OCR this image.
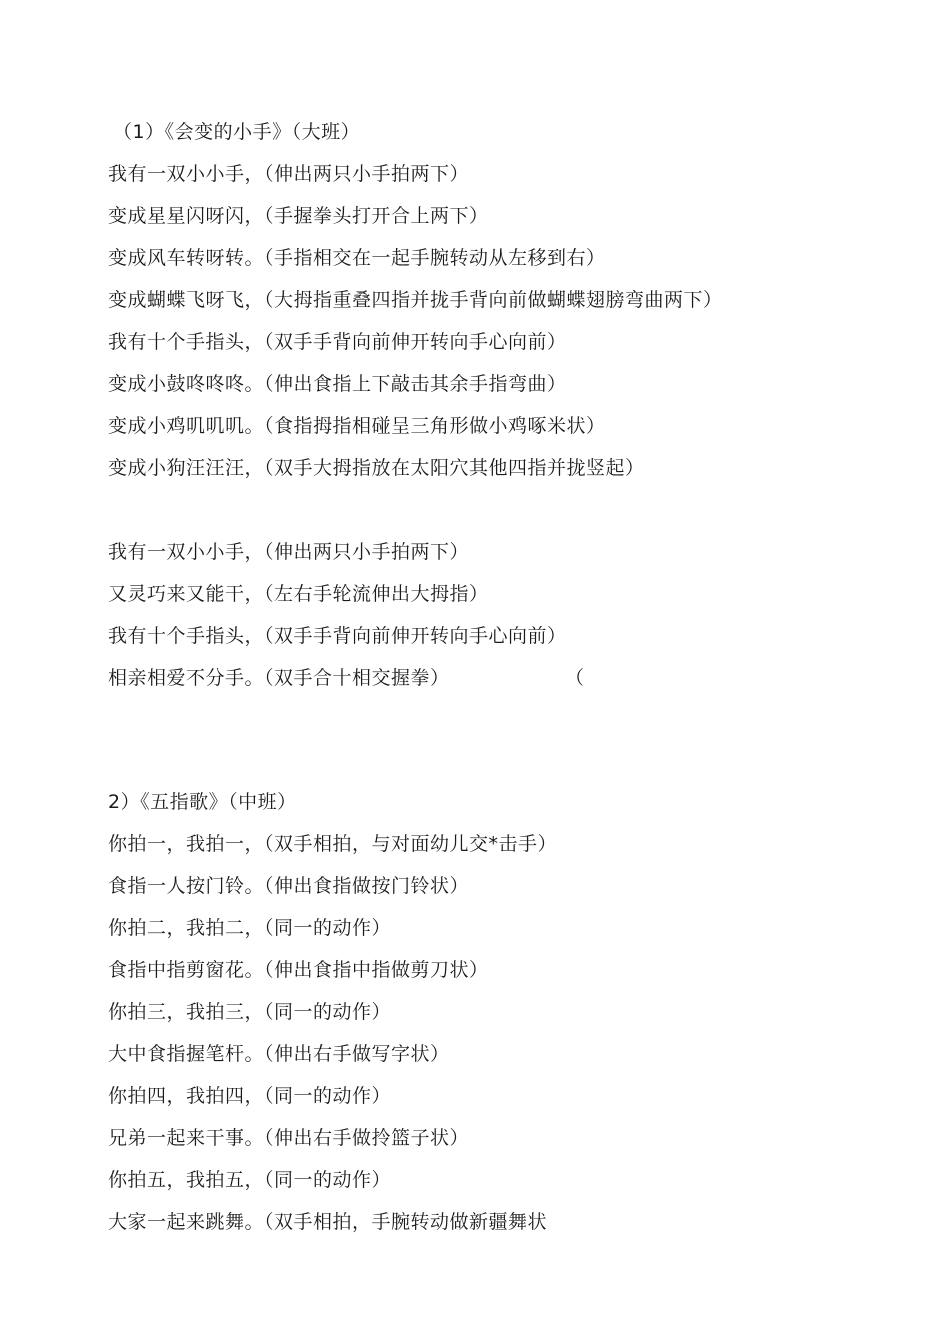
（1）《会变的小手》（大班）
我有一双小小手，（伸出两只小手拍两下）
变成星星闪呀闪，（手握拳头打开合上两下）
变成风车转呀转。（手指相交在一起手腕转动从左移到右）
变成蝴蝶飞呀飞，（大拇指重叠四指并拢手背向前做蝴蝶翅膀弯曲两下）
我有十个手指头，（双手手背向前伸开转向手心向前）
变成小鼓咚咚咚。（伸出食指上下敲击其余手指弯曲）
变成小鸡叽叽叽。（食指拇指相碰呈三角形做小鸡啄米状）
变成小狗汪汪汪，（双手大拇指放在太阳穴其他四指并拢竖起）
我有一双小小手，（伸出两只小手拍两下）
又灵巧来又能干，（左右手轮流伸出大拇指）
我有十个手指头，（双手手背向前伸开转向手心向前）
相亲相爱不分手。（双手合十相交握拳）	（
2）《五指歌》（中班）
你拍一，我拍一，（双手相拍，与对面幼儿交*击手）
食指一人按门铃。（伸出食指做按门铃状）
你拍二，我拍二，（同一的动作）
食指中指剪窗花。（伸出食指中指做剪刀状）
你拍三，我拍三，（同一的动作）
大中食指握笔杆。（伸出右手做写字状）
你拍四，我拍四，（同一的动作）
兄弟一起来干事。（伸出右手做拎篮子状）
你拍五，我拍五，（同一的动作）
大家一起来跳舞。（双手相拍，手腕转动做新疆舞状
